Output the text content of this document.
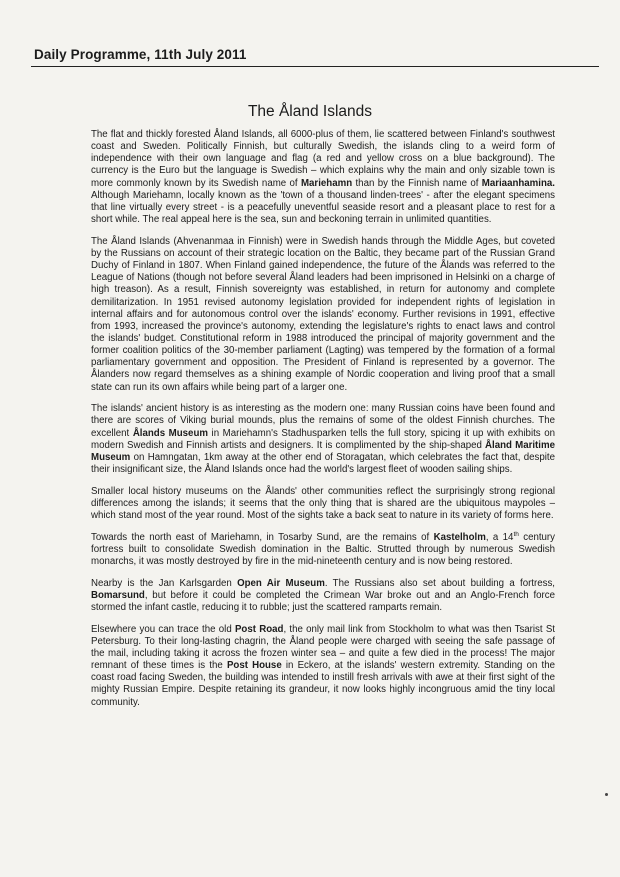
Daily Programme, 11th July 2011
The Åland Islands

The flat and thickly forested Åland Islands, all 6000-plus of them, lie scattered between Finland's southwest coast and Sweden. Politically Finnish, but culturally Swedish, the islands cling to a weird form of independence with their own language and flag (a red and yellow cross on a blue background). The currency is the Euro but the language is Swedish – which explains why the main and only sizable town is more commonly known by its Swedish name of Mariehamn than by the Finnish name of Mariaanhamina. Although Mariehamn, locally known as the 'town of a thousand linden-trees' - after the elegant specimens that line virtually every street - is a peacefully uneventful seaside resort and a pleasant place to rest for a short while. The real appeal here is the sea, sun and beckoning terrain in unlimited quantities.

The Åland Islands (Ahvenanmaa in Finnish) were in Swedish hands through the Middle Ages, but coveted by the Russians on account of their strategic location on the Baltic, they became part of the Russian Grand Duchy of Finland in 1807. When Finland gained independence, the future of the Ålands was referred to the League of Nations (though not before several Åland leaders had been imprisoned in Helsinki on a charge of high treason). As a result, Finnish sovereignty was established, in return for autonomy and complete demilitarization. In 1951 revised autonomy legislation provided for independent rights of legislation in internal affairs and for autonomous control over the islands' economy. Further revisions in 1991, effective from 1993, increased the province's autonomy, extending the legislature's rights to enact laws and control the islands' budget. Constitutional reform in 1988 introduced the principal of majority government and the former coalition politics of the 30-member parliament (Lagting) was tempered by the formation of a formal parliamentary government and opposition. The President of Finland is represented by a governor. The Ålanders now regard themselves as a shining example of Nordic cooperation and living proof that a small state can run its own affairs while being part of a larger one.

The islands' ancient history is as interesting as the modern one: many Russian coins have been found and there are scores of Viking burial mounds, plus the remains of some of the oldest Finnish churches. The excellent Ålands Museum in Mariehamn's Stadhusparken tells the full story, spicing it up with exhibits on modern Swedish and Finnish artists and designers. It is complimented by the ship-shaped Åland Maritime Museum on Hamngatan, 1km away at the other end of Storagatan, which celebrates the fact that, despite their insignificant size, the Åland Islands once had the world's largest fleet of wooden sailing ships.

Smaller local history museums on the Ålands' other communities reflect the surprisingly strong regional differences among the islands; it seems that the only thing that is shared are the ubiquitous maypoles – which stand most of the year round. Most of the sights take a back seat to nature in its variety of forms here.

Towards the north east of Mariehamn, in Tosarby Sund, are the remains of Kastelholm, a 14th century fortress built to consolidate Swedish domination in the Baltic. Strutted through by numerous Swedish monarchs, it was mostly destroyed by fire in the mid-nineteenth century and is now being restored.

Nearby is the Jan Karlsgarden Open Air Museum. The Russians also set about building a fortress, Bomarsund, but before it could be completed the Crimean War broke out and an Anglo-French force stormed the infant castle, reducing it to rubble; just the scattered ramparts remain.

Elsewhere you can trace the old Post Road, the only mail link from Stockholm to what was then Tsarist St Petersburg. To their long-lasting chagrin, the Åland people were charged with seeing the safe passage of the mail, including taking it across the frozen winter sea – and quite a few died in the process! The major remnant of these times is the Post House in Eckero, at the islands' western extremity. Standing on the coast road facing Sweden, the building was intended to instill fresh arrivals with awe at their first sight of the mighty Russian Empire. Despite retaining its grandeur, it now looks highly incongruous amid the tiny local community.
